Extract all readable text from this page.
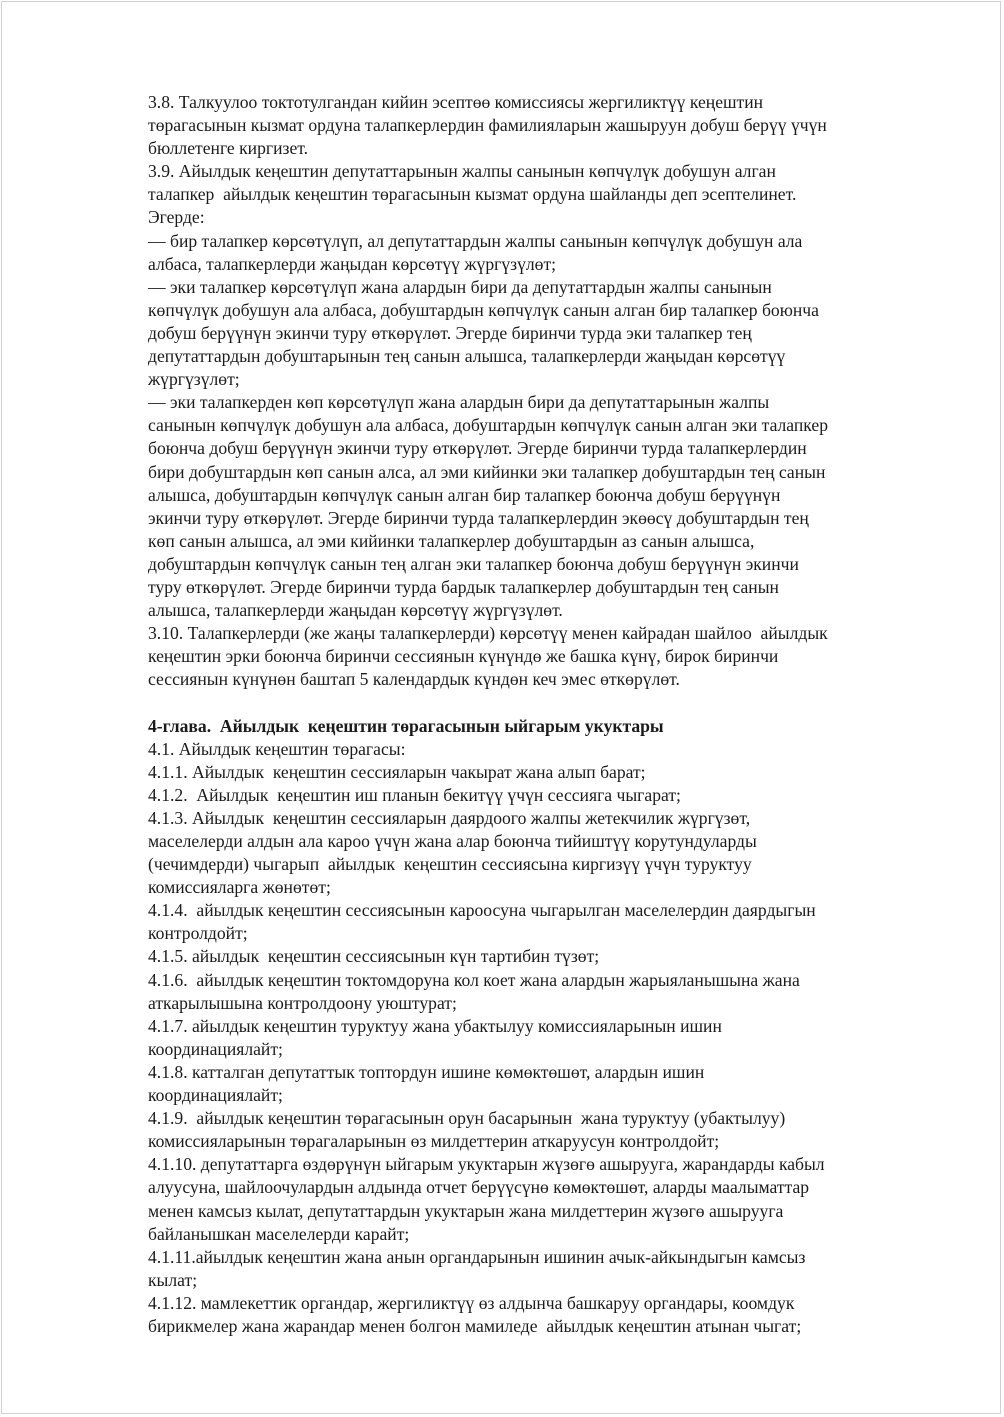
3.8. Талкуулоо токтотулгандан кийин эсептөө комиссиясы жергиликтүү кеңештин
төрагасынын кызмат ордуна талапкерлердин фамилияларын жашыруун добуш берүү үчүн
бюллетенге киргизет.
3.9. Айылдык кеңештин депутаттарынын жалпы санынын көпчүлүк добушун алган
талапкер  айылдык кеңештин төрагасынын кызмат ордуна шайланды деп эсептелинет.
Эгерде:
— бир талапкер көрсөтүлүп, ал депутаттардын жалпы санынын көпчүлүк добушун ала
албаса, талапкерлерди жаңыдан көрсөтүү жүргүзүлөт;
— эки талапкер көрсөтүлүп жана алардын бири да депутаттардын жалпы санынын
көпчүлүк добушун ала албаса, добуштардын көпчүлүк санын алган бир талапкер боюнча
добуш берүүнүн экинчи туру өткөрүлөт. Эгерде биринчи турда эки талапкер тең
депутаттардын добуштарынын тең санын алышса, талапкерлерди жаңыдан көрсөтүү
жүргүзүлөт;
— эки талапкерден көп көрсөтүлүп жана алардын бири да депутаттарынын жалпы
санынын көпчүлүк добушун ала албаса, добуштардын көпчүлүк санын алган эки талапкер
боюнча добуш берүүнүн экинчи туру өткөрүлөт. Эгерде биринчи турда талапкерлердин
бири добуштардын көп санын алса, ал эми кийинки эки талапкер добуштардын тең санын
алышса, добуштардын көпчүлүк санын алган бир талапкер боюнча добуш берүүнүн
экинчи туру өткөрүлөт. Эгерде биринчи турда талапкерлердин экөөсү добуштардын тең
көп санын алышса, ал эми кийинки талапкерлер добуштардын аз санын алышса,
добуштардын көпчүлүк санын тең алган эки талапкер боюнча добуш берүүнүн экинчи
туру өткөрүлөт. Эгерде биринчи турда бардык талапкерлер добуштардын тең санын
алышса, талапкерлерди жаңыдан көрсөтүү жүргүзүлөт.
3.10. Талапкерлерди (же жаңы талапкерлерди) көрсөтүү менен кайрадан шайлоо  айылдык
кеңештин эрки боюнча биринчи сессиянын күнүндө же башка күнү, бирок биринчи
сессиянын күнүнөн баштап 5 календардык күндөн кеч эмес өткөрүлөт.
4-глава.  Айылдык  кеңештин төрагасынын ыйгарым укуктары
4.1. Айылдык кеңештин төрагасы:
4.1.1. Айылдык  кеңештин сессияларын чакырат жана алып барат;
4.1.2.  Айылдык  кеңештин иш планын бекитүү үчүн сессияга чыгарат;
4.1.3. Айылдык  кеңештин сессияларын даярдоого жалпы жетекчилик жүргүзөт,
маселелерди алдын ала карoo үчүн жана алар боюнча тийиштүү корутундуларды
(чечимдерди) чыгарып  айылдык  кеңештин сессиясына киргизүү үчүн туруктуу
комиссияларга жөнөтөт;
4.1.4.  айылдык кеңештин сессиясынын кароосуна чыгарылган маселелердин даярдыгын
контролдойт;
4.1.5. айылдык  кеңештин сессиясынын күн тартибин түзөт;
4.1.6.  айылдык кеңештин токтомдоруна кол коет жана алардын жарыяланышына жана
аткарылышына контролдоону уюштурат;
4.1.7. айылдык кеңештин туруктуу жана убактылуу комиссияларынын ишин
координациялайт;
4.1.8. катталган депутаттык топтордун ишине көмөктөшөт, алардын ишин
координациялайт;
4.1.9.  айылдык кеңештин төрагасынын орун басарынын  жана туруктуу (убактылуу)
комиссияларынын төрагаларынын өз милдеттерин аткаруусун контролдойт;
4.1.10. депутаттарга өздөрүнүн ыйгарым укуктарын жүзөгө ашырууга, жарандарды кабыл
алуусуна, шайлоочулардын алдында отчет берүүсүнө көмөктөшөт, аларды маалыматтар
менен камсыз кылат, депутаттардын укуктарын жана милдеттерин жүзөгө ашырууга
байланышкан маселелерди карайт;
4.1.11.айылдык кеңештин жана анын органдарынын ишинин ачык-айкындыгын камсыз
кылат;
4.1.12. мамлекеттик органдар, жергиликтүү өз алдынча башкаруу органдары, коомдук
бирикмелер жана жарандар менен болгон мамиледе  айылдык кеңештин атынан чыгат;
